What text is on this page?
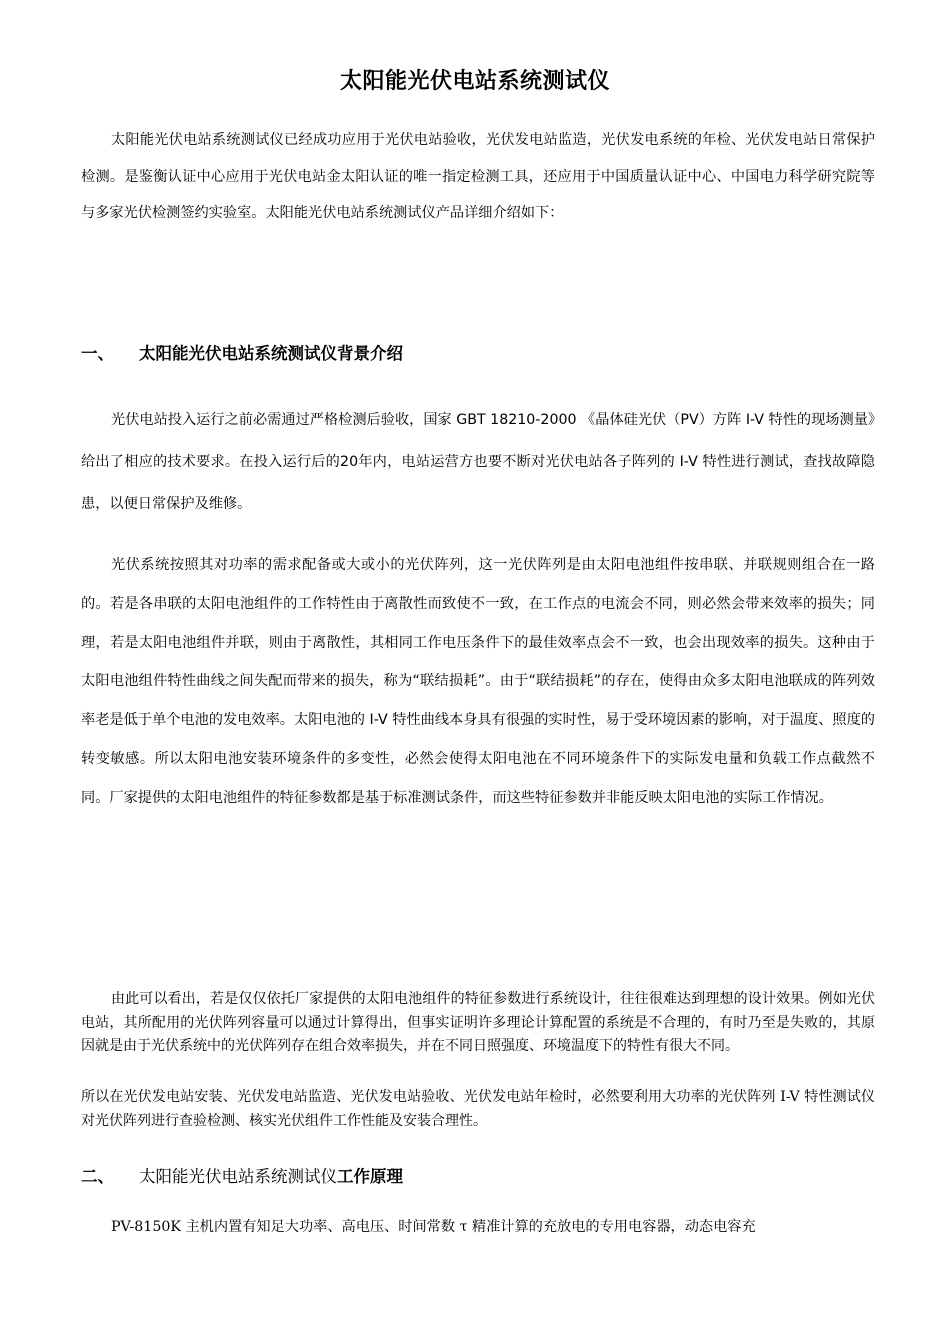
太阳能光伏电站系统测试仪

太阳能光伏电站系统测试仪已经成功应用于光伏电站验收，光伏发电站监造，光伏发电系统的年检、光伏发电站日常保护检测。是鉴衡认证中心应用于光伏电站金太阳认证的唯一指定检测工具，还应用于中国质量认证中心、中国电力科学研究院等与多家光伏检测签约实验室。太阳能光伏电站系统测试仪产品详细介绍如下：

一、	太阳能光伏电站系统测试仪背景介绍

光伏电站投入运行之前必需通过严格检测后验收，国家 GBT 18210-2000 《晶体硅光伏（PV）方阵 I-V 特性的现场测量》给出了相应的技术要求。在投入运行后的20年内，电站运营方也要不断对光伏电站各子阵列的 I-V 特性进行测试，查找故障隐患，以便日常保护及维修。

光伏系统按照其对功率的需求配备或大或小的光伏阵列，这一光伏阵列是由太阳电池组件按串联、并联规则组合在一路的。若是各串联的太阳电池组件的工作特性由于离散性而致使不一致，在工作点的电流会不同，则必然会带来效率的损失；同理，若是太阳电池组件并联，则由于离散性，其相同工作电压条件下的最佳效率点会不一致，也会出现效率的损失。这种由于太阳电池组件特性曲线之间失配而带来的损失，称为“联结损耗”。由于“联结损耗”的存在，使得由众多太阳电池联成的阵列效率老是低于单个电池的发电效率。太阳电池的 I-V 特性曲线本身具有很强的实时性，易于受环境因素的影响，对于温度、照度的转变敏感。所以太阳电池安装环境条件的多变性，必然会使得太阳电池在不同环境条件下的实际发电量和负载工作点截然不同。厂家提供的太阳电池组件的特征参数都是基于标准测试条件，而这些特征参数并非能反映太阳电池的实际工作情况。

由此可以看出，若是仅仅依托厂家提供的太阳电池组件的特征参数进行系统设计，往往很难达到理想的设计效果。例如光伏电站，其所配用的光伏阵列容量可以通过计算得出，但事实证明许多理论计算配置的系统是不合理的，有时乃至是失败的，其原因就是由于光伏系统中的光伏阵列存在组合效率损失，并在不同日照强度、环境温度下的特性有很大不同。

所以在光伏发电站安装、光伏发电站监造、光伏发电站验收、光伏发电站年检时，必然要利用大功率的光伏阵列 I-V 特性测试仪对光伏阵列进行查验检测、核实光伏组件工作性能及安装合理性。

二、	太阳能光伏电站系统测试仪 工作原理

PV-8150K 主机内置有知足大功率、高电压、时间常数 τ 精准计算的充放电的专用电容器，动态电容充
